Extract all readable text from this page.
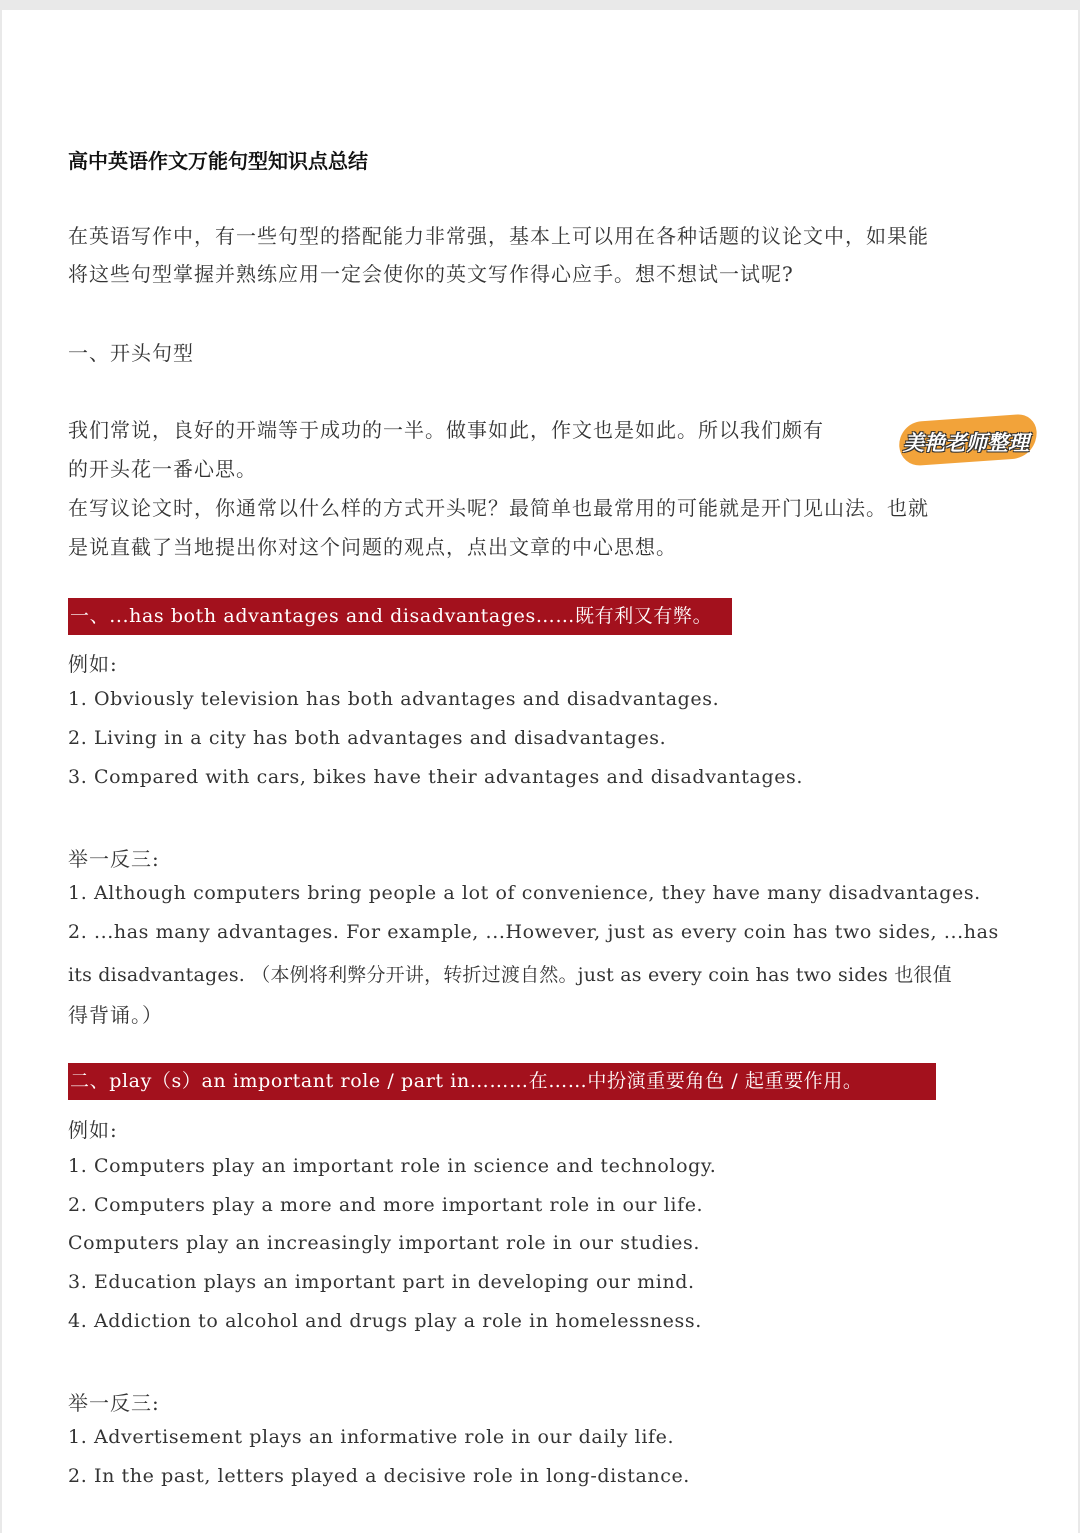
高中英语作文万能句型知识点总结
在英语写作中，有一些句型的搭配能力非常强，基本上可以用在各种话题的议论文中，如果能
将这些句型掌握并熟练应用一定会使你的英文写作得心应手。想不想试一试呢?
一、开头句型
我们常说，良好的开端等于成功的一半。做事如此，作文也是如此。所以我们颇有
的开头花一番心思。
在写议论文时，你通常以什么样的方式开头呢？最简单也最常用的可能就是开门见山法。也就
是说直截了当地提出你对这个问题的观点，点出文章的中心思想。
美艳老师整理
一、...has both advantages and disadvantages……既有利又有弊。
例如:
1. Obviously television has both advantages and disadvantages.
2. Living in a city has both advantages and disadvantages.
3. Compared with cars, bikes have their advantages and disadvantages.
举一反三:
1. Although computers bring people a lot of convenience, they have many disadvantages.
2. ...has many advantages. For example, ...However, just as every coin has two sides, ...has
its disadvantages. （本例将利弊分开讲，转折过渡自然。just as every coin has two sides 也很值
得背诵。）
二、play（s）an important role / part in………在……中扮演重要角色 / 起重要作用。
例如:
1. Computers play an important role in science and technology.
2. Computers play a more and more important role in our life.
Computers play an increasingly important role in our studies.
3. Education plays an important part in developing our mind.
4. Addiction to alcohol and drugs play a role in homelessness.
举一反三:
1. Advertisement plays an informative role in our daily life.
2. In the past, letters played a decisive role in long-distance.
